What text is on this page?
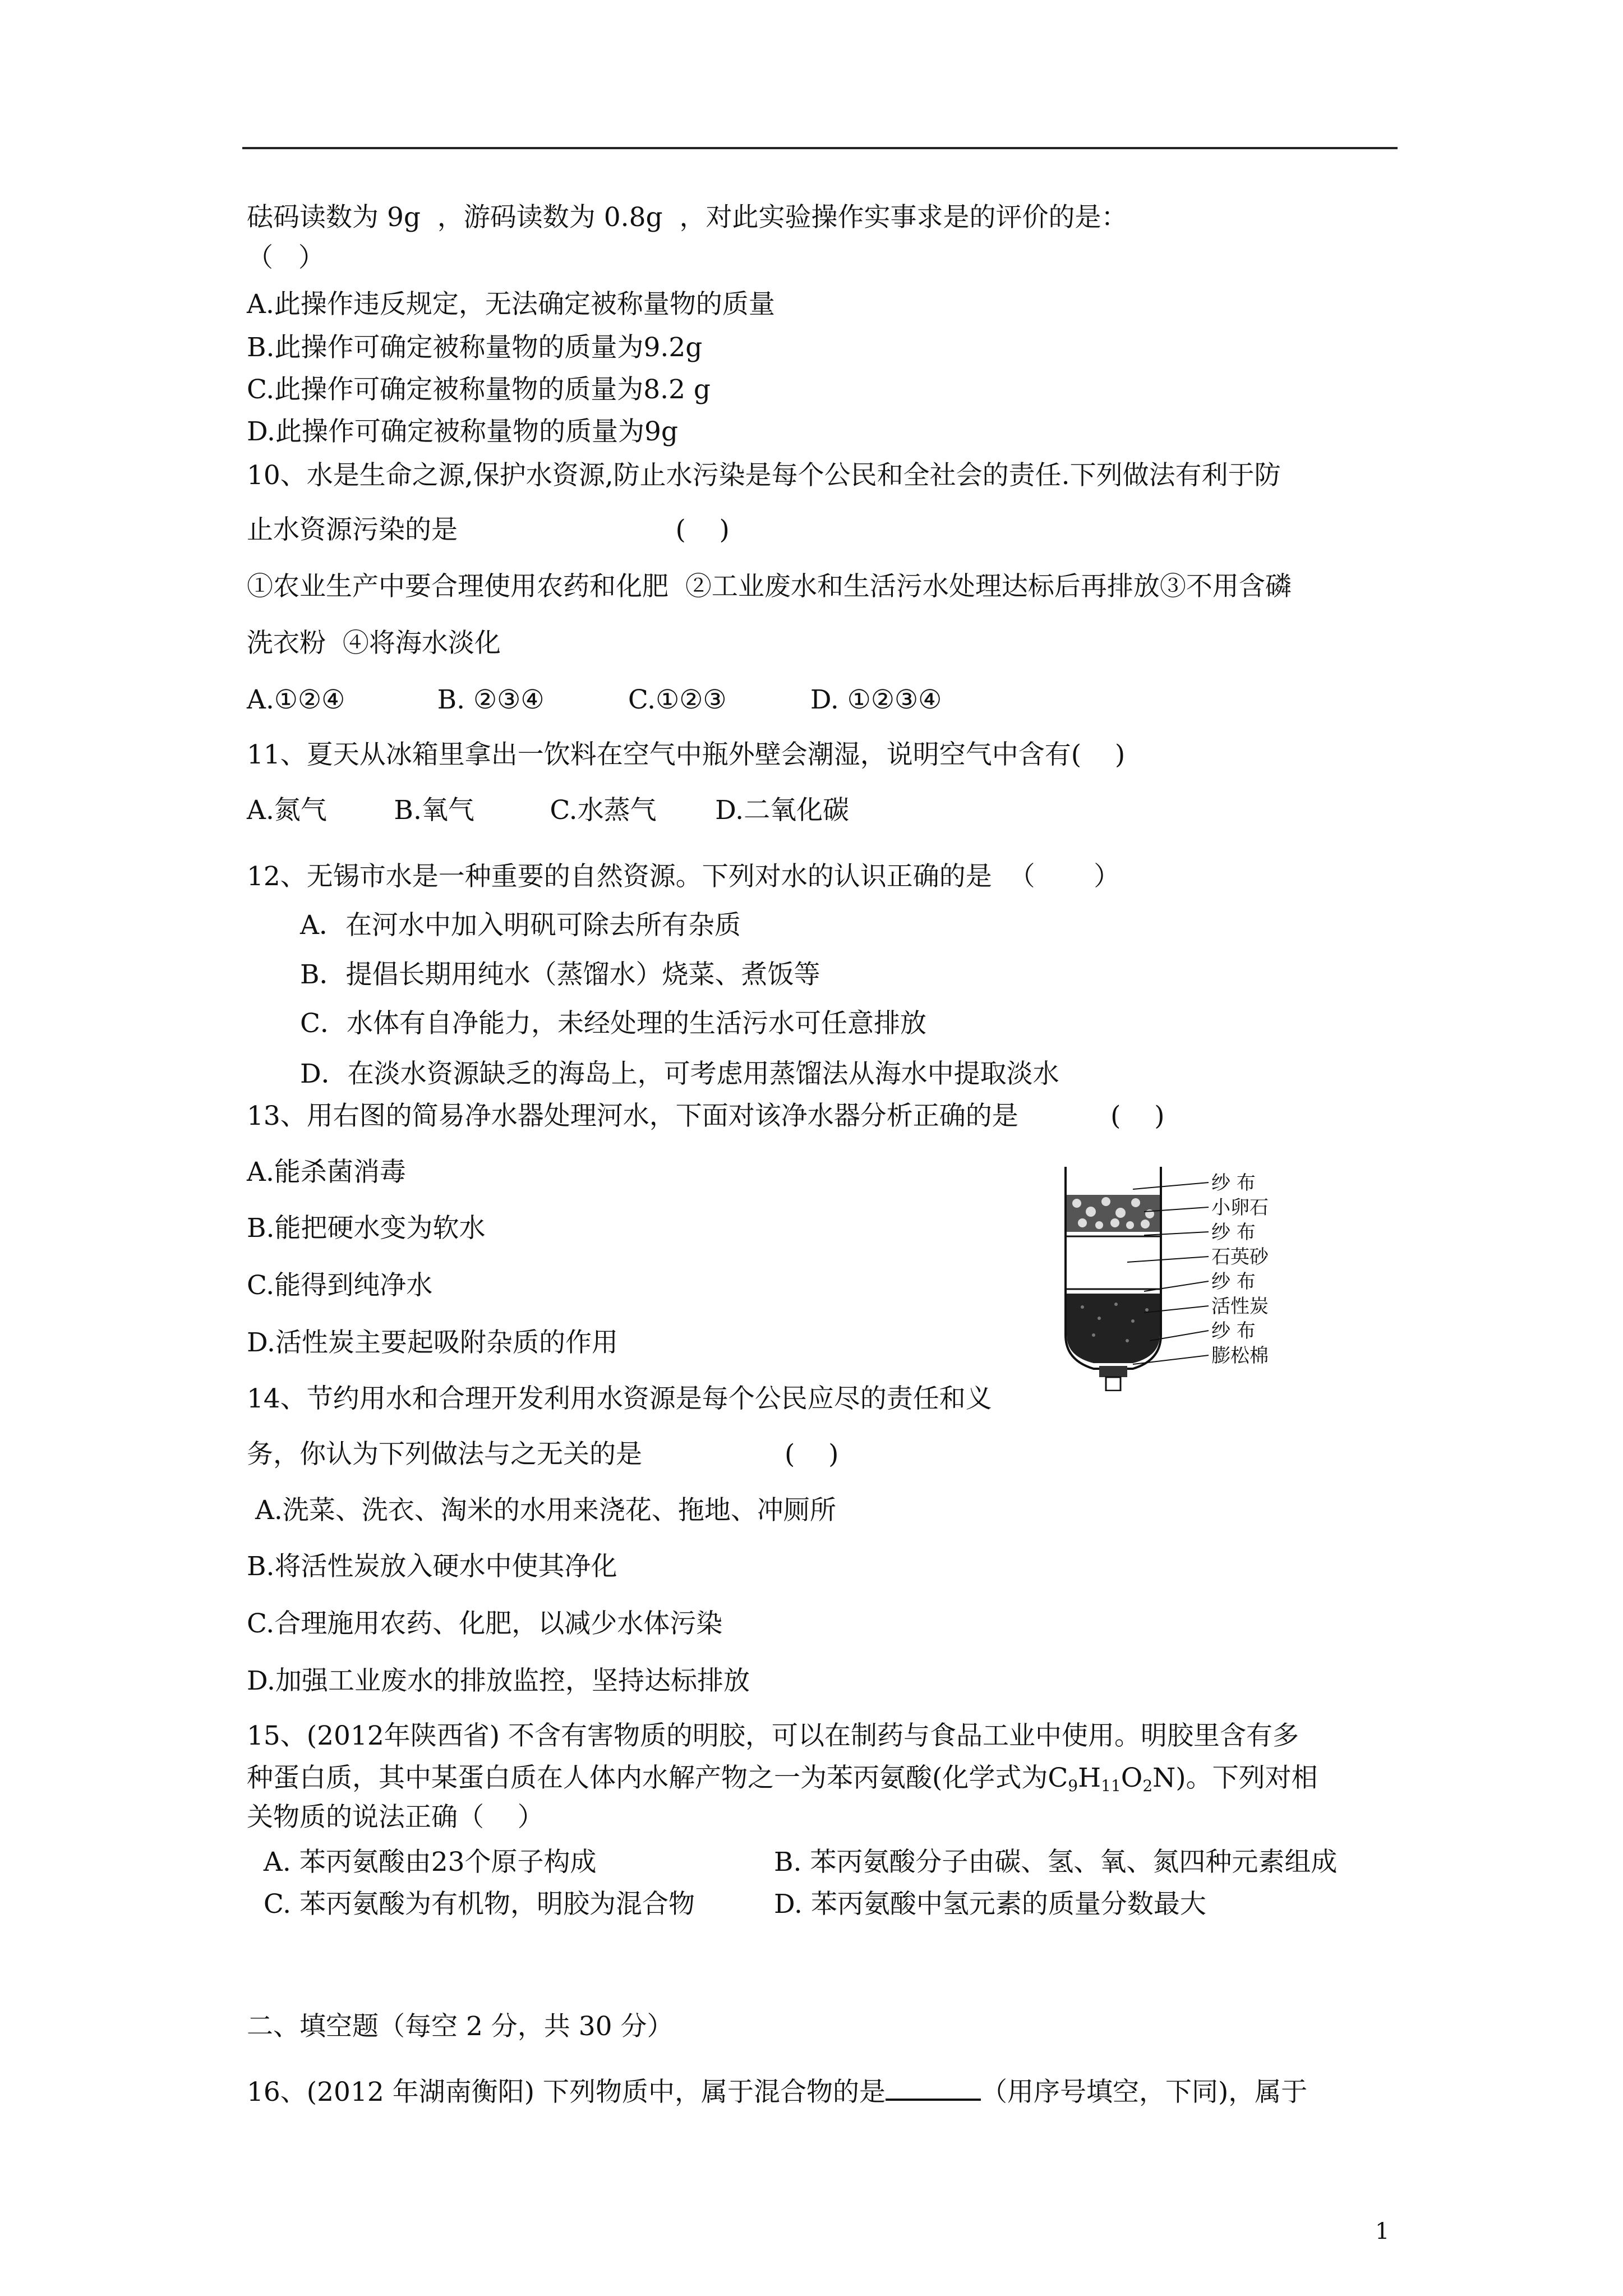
砝码读数为 9g  ，游码读数为 0.8g  ，对此实验操作实事求是的评价的是：
（   ）
A.此操作违反规定，无法确定被称量物的质量
B.此操作可确定被称量物的质量为9.2g
C.此操作可确定被称量物的质量为8.2 g
D.此操作可确定被称量物的质量为9g
10、水是生命之源,保护水资源,防止水污染是每个公民和全社会的责任.下列做法有利于防
止水资源污染的是                          (    )
①农业生产中要合理使用农药和化肥  ②工业废水和生活污水处理达标后再排放③不用含磷
洗衣粉  ④将海水淡化
A.①②④           B. ②③④          C.①②③          D. ①②③④
11、夏天从冰箱里拿出一饮料在空气中瓶外壁会潮湿，说明空气中含有(    )
A.氮气        B.氧气         C.水蒸气       D.二氧化碳
12、无锡市水是一种重要的自然资源。下列对水的认识正确的是  （       ）
A．在河水中加入明矾可除去所有杂质
B．提倡长期用纯水（蒸馏水）烧菜、煮饭等
C．水体有自净能力，未经处理的生活污水可任意排放
D．在淡水资源缺乏的海岛上，可考虑用蒸馏法从海水中提取淡水
13、用右图的简易净水器处理河水，下面对该净水器分析正确的是           (    )
A.能杀菌消毒
B.能把硬水变为软水
C.能得到纯净水
D.活性炭主要起吸附杂质的作用
纱 布
小卵石
纱 布
石英砂
纱 布
活性炭
纱 布
膨松棉
14、节约用水和合理开发利用水资源是每个公民应尽的责任和义
务，你认为下列做法与之无关的是                 (    )
A.洗菜、洗衣、淘米的水用来浇花、拖地、冲厕所
B.将活性炭放入硬水中使其净化
C.合理施用农药、化肥，以减少水体污染
D.加强工业废水的排放监控，坚持达标排放
15、(2012年陕西省) 不含有害物质的明胶，可以在制药与食品工业中使用。明胶里含有多
种蛋白质，其中某蛋白质在人体内水解产物之一为苯丙氨酸(化学式为$C_9H_{11}O_2N$)。下列对相
关物质的说法正确（    ）
A. 苯丙氨酸由23个原子构成	B. 苯丙氨酸分子由碳、氢、氧、氮四种元素组成
C. 苯丙氨酸为有机物，明胶为混合物	D. 苯丙氨酸中氢元素的质量分数最大
二、填空题（每空 2 分，共 30 分）
16、(2012 年湖南衡阳) 下列物质中，属于混合物的是	（用序号填空，下同)，属于
1
